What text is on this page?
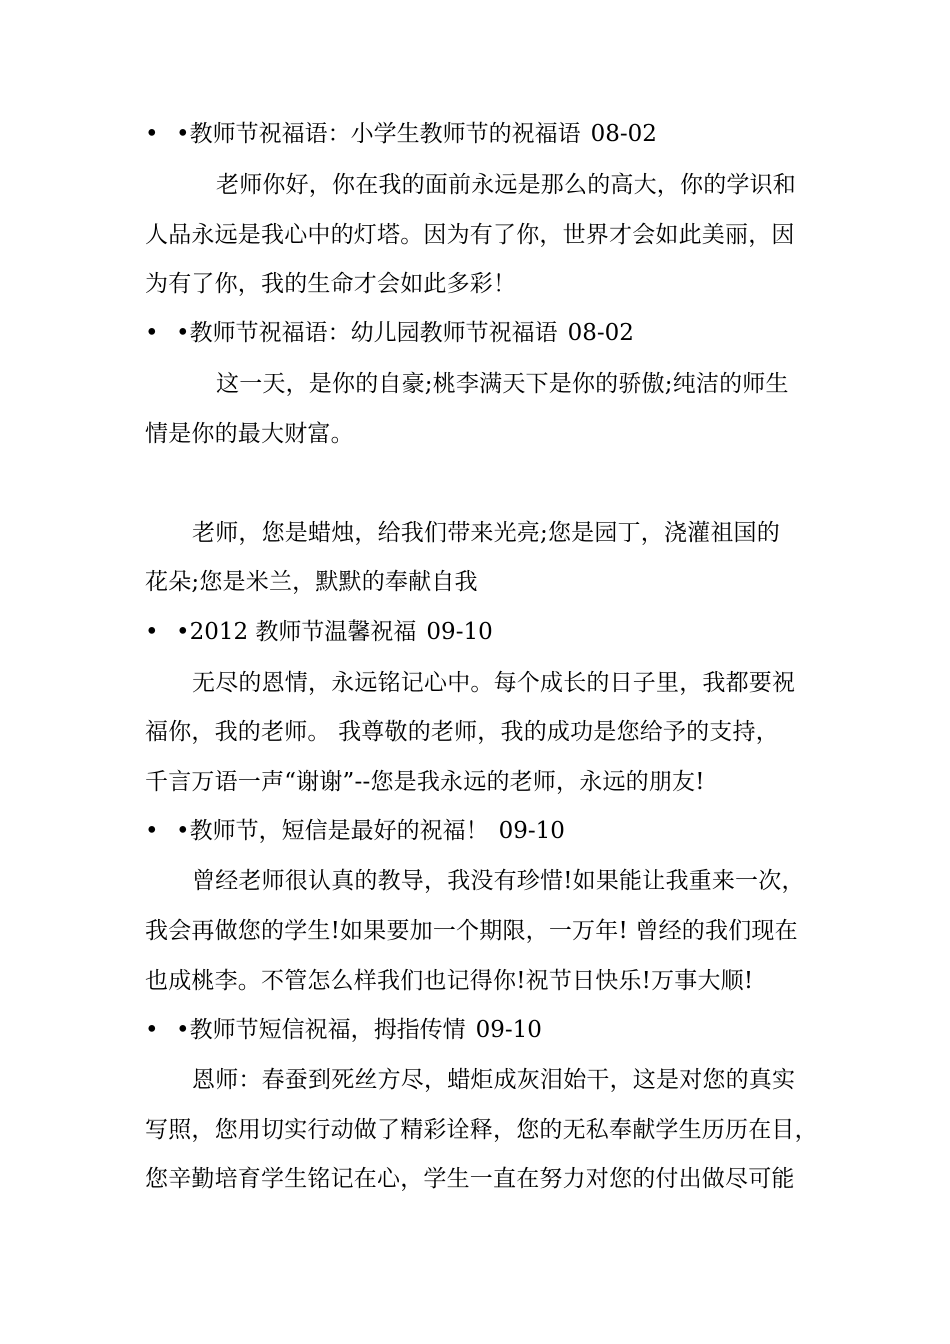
• •教师节祝福语：小学生教师节的祝福语 08-02
老师你好，你在我的面前永远是那么的高大，你的学识和
人品永远是我心中的灯塔。因为有了你，世界才会如此美丽，因
为有了你，我的生命才会如此多彩！
• •教师节祝福语：幼儿园教师节祝福语 08-02
这一天，是你的自豪;桃李满天下是你的骄傲;纯洁的师生
情是你的最大财富。
老师，您是蜡烛，给我们带来光亮;您是园丁，浇灌祖国的
花朵;您是米兰，默默的奉献自我
• •2012 教师节温馨祝福 09-10
无尽的恩情，永远铭记心中。每个成长的日子里，我都要祝
福你，我的老师。 我尊敬的老师，我的成功是您给予的支持，
千言万语一声“谢谢”--您是我永远的老师，永远的朋友!
• •教师节，短信是最好的祝福！ 09-10
曾经老师很认真的教导，我没有珍惜!如果能让我重来一次，
我会再做您的学生!如果要加一个期限，一万年! 曾经的我们现在
也成桃李。不管怎么样我们也记得你!祝节日快乐!万事大顺!
• •教师节短信祝福，拇指传情 09-10
恩师：春蚕到死丝方尽，蜡炬成灰泪始干，这是对您的真实
写照，您用切实行动做了精彩诠释，您的无私奉献学生历历在目，
您辛勤培育学生铭记在心，学生一直在努力对您的付出做尽可能
